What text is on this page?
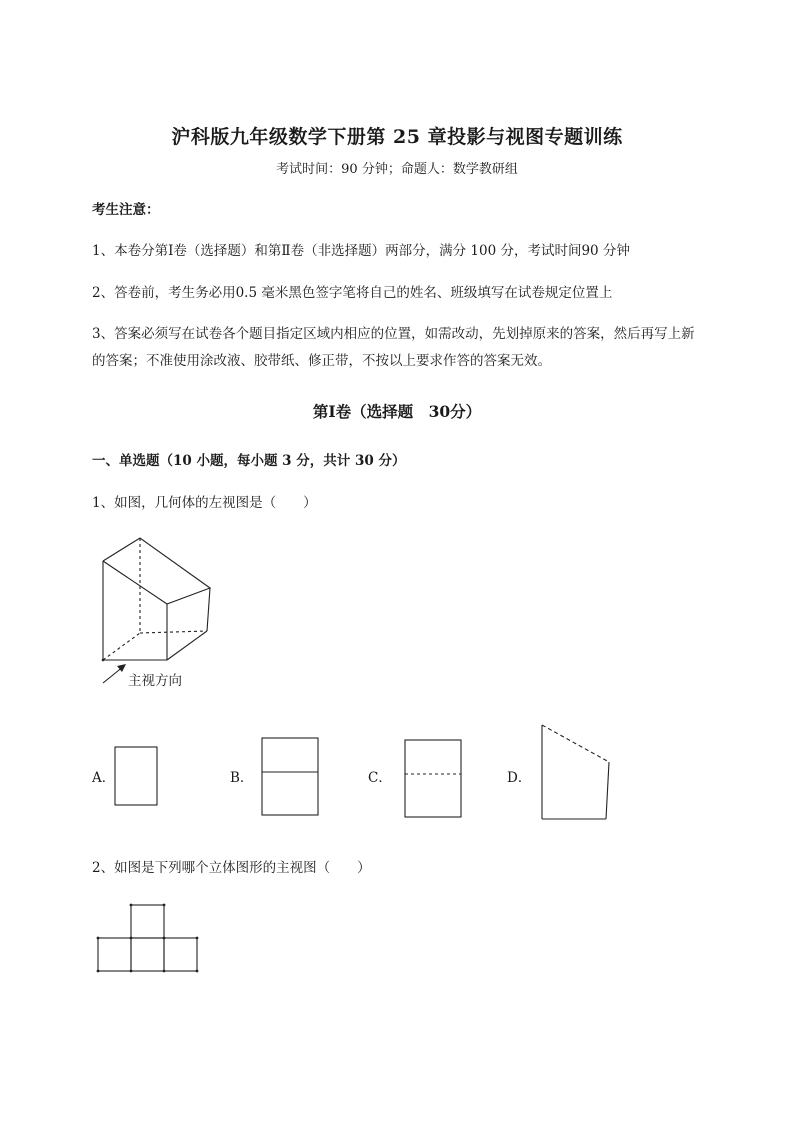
沪科版九年级数学下册第 25 章投影与视图专题训练
考试时间：90 分钟；命题人：数学教研组
考生注意：
1、本卷分第Ⅰ卷（选择题）和第Ⅱ卷（非选择题）两部分，满分 100 分，考试时间90 分钟
2、答卷前，考生务必用0.5 毫米黑色签字笔将自己的姓名、班级填写在试卷规定位置上
3、答案必须写在试卷各个题目指定区域内相应的位置，如需改动，先划掉原来的答案，然后再写上新
的答案；不准使用涂改液、胶带纸、修正带，不按以上要求作答的答案无效。
第Ⅰ卷（选择题　30分）
一、单选题（10 小题，每小题 3 分，共计 30 分）
1、如图，几何体的左视图是（　　）
主视方向
A．	B．	C．	D．
2、如图是下列哪个立体图形的主视图（　　）
